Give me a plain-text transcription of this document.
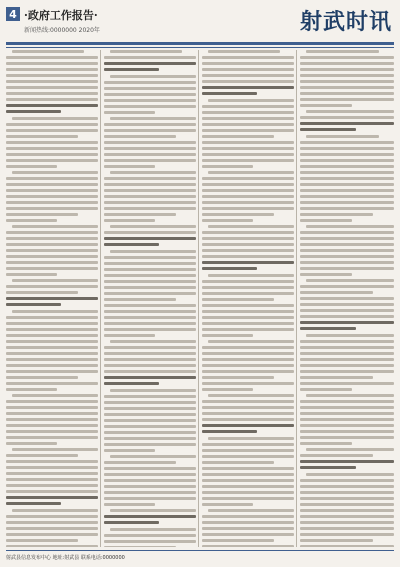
4 ·政府工作报告·
新闻热线:0000000 2020年	射武时讯
射武县信息发布中心 地址:射武县 联系电话:0000000
